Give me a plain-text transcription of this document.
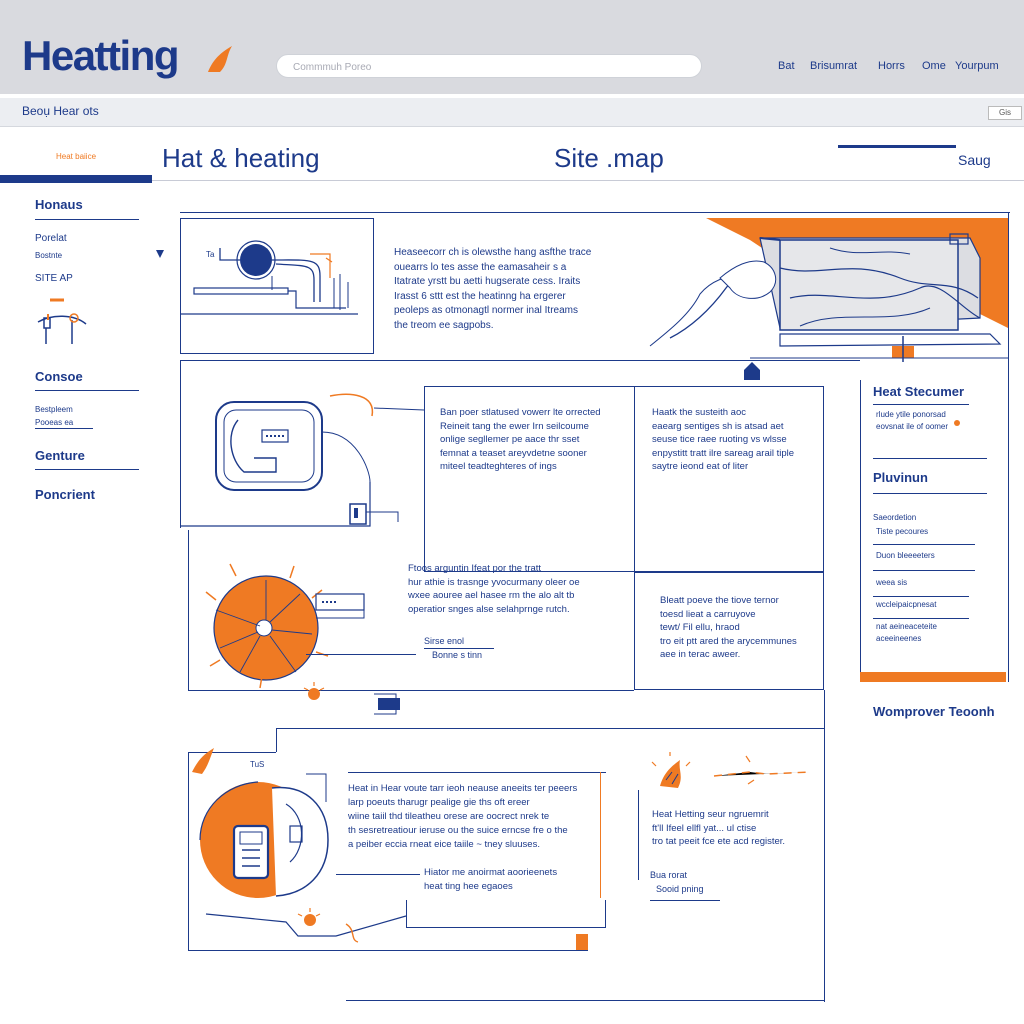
Heatting
Commmuh Poreo	Bat Brisumrat Horrs Ome Yourpum
Beoụ Hear ots	Gis
Heat baiice	Hat & heating	Site .map	Saug
Honaus
Porelat
Bostnte
SITE AP
Consoe
Bestpleem
Pooeas ea
Genture
Poncrient
Ta	Heaseecorr ch is olewsthe hang asfthe trace
ouearrs lo tes asse the eamasaheir s a
Itatrate yrstt bu aetti hugserate cess. Iraits
Irasst 6 sttt est the heatinng ha ergerer
peoleps as otmonagtl normer inal Itreams
the treom ee sagpobs.
Ban poer stlatused vowerr lte orrected
Reineit tang the ewer Irn seilcoume
onlige segllemer pe aace thr sset
femnat a teaset areyvdetne sooner
miteel teadteghteres of ings
Haatk the susteith aoc
eaearg sentiges sh is atsad aet
seuse tice raee ruoting vs wlsse
enpystitt tratt ilre sareag arail tiple
saytre ieond eat of liter
Ftoos arguntin Ifeat por the tratt
hur athie is trasnge yvocurmany oleer oe
wxee aouree ael hasee rm the alo alt tb
operatior snges alse selahprnge rutch.
Sirse enol
Bonne s tinn
Bleatt poeve the tiove ternor
toesd lieat a carruyove
tewt/ Fil ellu, hraod
tro eit ptt ared the arycemmunes
aee in terac aweer.
TuS
Heat in Hear voute tarr ieoh neause aneeits ter peeers
larp poeuts tharugr pealige gie ths oft ereer
wiine taiil thd tileatheu orese are oocrect nrek te
th sesretreatiour ieruse ou the suice erncse fre o the
a peiber eccia rneat eice taiile ~ tney sluuses.
Hiator me anoirmat aoorieenets
heat ting hee egaoes
Heat Hetting seur ngruemrit
ft'll Ifeel ellfl yat... ul ctise
tro tat peeit fce ete acd register.
Bua rorat
Sooid pning
Heat Stecumer
rlude ytile ponorsad
eovsnat ile of oomer
Pluvinun
Saeordetion
Tiste pecoures
Duon bleeeeters
weea sis
wccleipaicpnesat
nat aeineaceteite
aceeineenes
Womprover Teoonh
